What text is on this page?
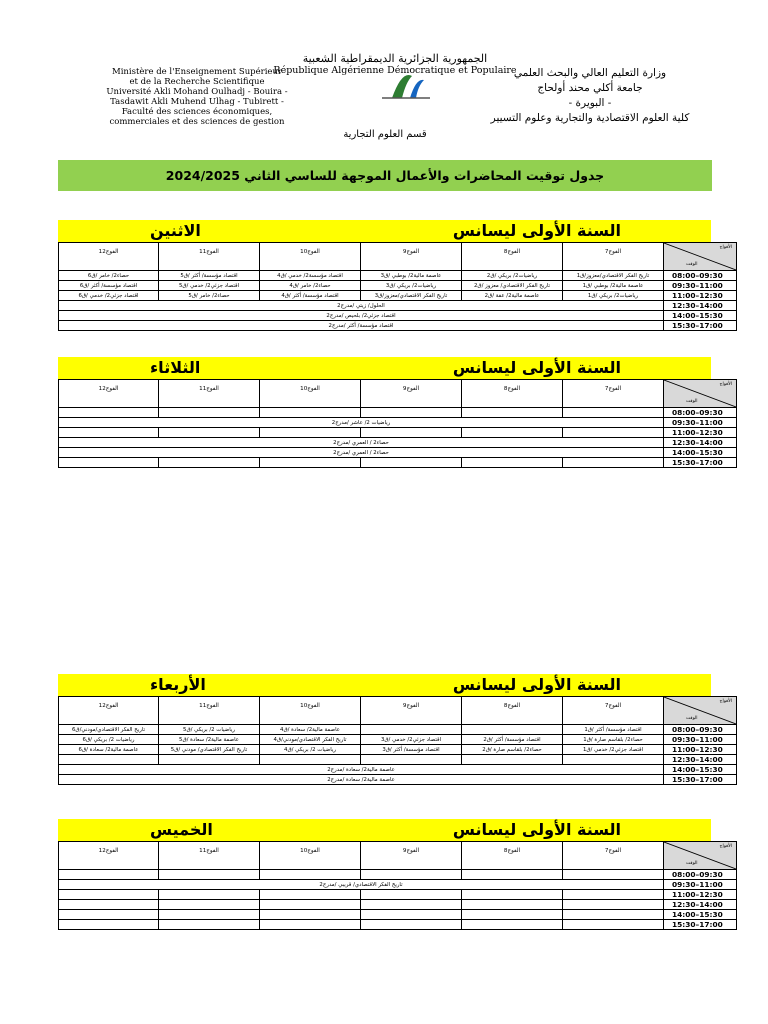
الجمهورية الجزائرية الديمقراطية الشعبية
République Algérienne Démocratique et Populaire
Ministère de l'Enseignement Supérieur
et de la Recherche Scientifique
Université Akli Mohand Oulhadj - Bouira -
Tasdawit Akli Muhend Ulhag - Tubirett -
Faculté des sciences économiques,
commerciales et des sciences de gestion
وزارة التعليم العالي والبحث العلمي
جامعة أكلي محند أولحاج
- البويرة -
كلية العلوم الاقتصادية والتجارية وعلوم التسيير
قسم العلوم التجارية
جدول توقيت المحاضرات والأعمال الموجهة للساسي الثاني 2024/2025
السنة الأولى ليسانس
الاثنين
الفوج12	الفوج11	الفوج10	الفوج9	الفوج8	الفوج7	الأفواج
الوقت

حصاء2/ خامر /ق6	اقتصاد مؤسسة/ أكثر /ق5	اقتصاد مؤسسة2/ خدمي /ق4	عاصمة مالية2/ بوطبي /ق3	رياضيات2/ بريكي /ق2	تاريخ الفكر الاقتصادي/معزوز/ق1	08:00–09:30
اقتصاد مؤسسة/ أكثر /ق6	اقتصاد جزئي2/ خدمي /ق5	حصاء2/ خامر /ق4	رياضيات2/ بريكي /ق3	تاريخ الفكر الاقتصادي/ معزوز /ق2	عاصمة مالية2/ بوطبي /ق1	09:30–11:00
اقتصاد جزئي2/ خدمي /ق6	حصاء2/ خامر /ق5	اقتصاد مؤسسة/ أكثر /ق4	تاريخ الفكر الاقتصادي/معزوز/ق3	عاصمة مالية2/ عفة /ق2	رياضيات2/ بريكي /ق1	11:00–12:30
الحلول/ زيتي /مدرج2						12:30–14:00
اقتصاد جزئي2/ بلحيص /مدرج2						14:00–15:30
اقتصاد مؤسسة/ أكثر /مدرج2						15:30–17:00
السنة الأولى ليسانس
الثلاثاء
الفوج12	الفوج11	الفوج10	الفوج9	الفوج8	الفوج7	الأفواج
الوقت

						08:00–09:30
رياضيات 2/ عاشر /مدرج2						09:30–11:00
						11:00–12:30
حصاء2 / العمري /مدرج2						12:30–14:00
حصاء2 / العمري /مدرج2						14:00–15:30
						15:30–17:00
السنة الأولى ليسانس
الأربعاء
الفوج12	الفوج11	الفوج10	الفوج9	الفوج8	الفوج7	الأفواج
الوقت

تاريخ الفكر الاقتصادي/مودني/ق6	رياضيات 2/ بريكي /ق5	عاصمة مالية2/ سعادة /ق4			اقتصاد مؤسسة/ أكثر /ق1	08:00–09:30
رياضيات 2/ بريكي /ق6	عاصمة مالية2/ سعادة /ق5	تاريخ الفكر الاقتصادي/مودني/ق4	اقتصاد جزئي2/ خدمي /ق3	اقتصاد مؤسسة/ أكثر /ق2	حصاء2/ بلقاسم صارة /ق1	09:30–11:00
عاصمة مالية2/ سعادة /ق6	تاريخ الفكر الاقتصادي/ مودني /ق5	رياضيات 2/ بريكي /ق4	اقتصاد مؤسسة/ أكثر /ق3	حصاء2/ بلقاسم صارة /ق2	اقتصاد جزئي2/ خدمي /ق1	11:00–12:30
						12:30–14:00
عاصمة مالية2/ سعادة /مدرج2						14:00–15:30
عاصمة مالية2/ سعادة /مدرج2						15:30–17:00
السنة الأولى ليسانس
الخميس
الفوج12	الفوج11	الفوج10	الفوج9	الفوج8	الفوج7	الأفواج
الوقت

						08:00–09:30
تاريخ الفكر الاقتصادي/ قريبي /مدرج2						09:30–11:00
						11:00–12:30
						12:30–14:00
						14:00–15:30
						15:30–17:00
